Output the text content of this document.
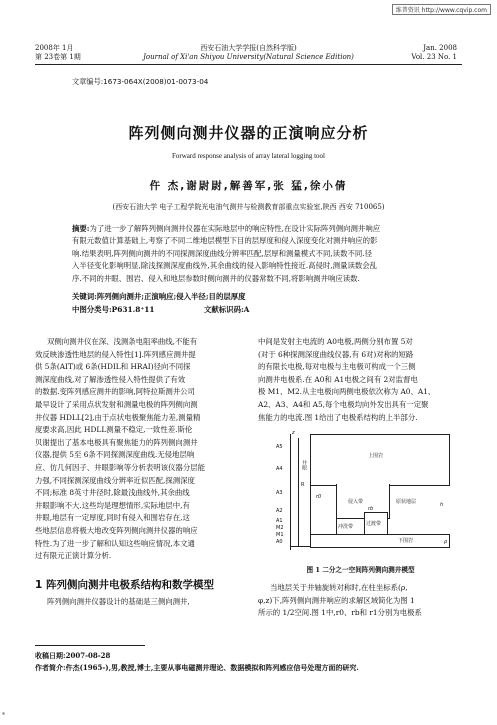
维普资讯 http://www.cqvip.com
2008年 1月
第 23卷第 1期
西安石油大学学报(自然科学版)
Journal of Xi'an Shiyou University(Natural Science Edition)
Jan. 2008
Vol. 23 No. 1
文章编号:1673-064X(2008)01-0073-04
阵列侧向测井仪器的正演响应分析
Forward response analysis of array lateral logging tool
仵 杰,谢尉尉,解善军,张 猛,徐小倩
(西安石油大学 电子工程学院光电油气测井与检测教育部重点实验室,陕西 西安 710065)
摘要:为了进一步了解阵列侧向测井仪器在实际地层中的响应特性,在设计实际阵列侧向测井响应
有限元数值计算基础上,考察了不同二维地层模型下目的层厚度和侵入深度变化对测井响应的影
响.结果表明,阵列侧向测井的不同探测深度曲线分辨率匹配,层厚和测量模式不同,读数不同.径
入半径变化影响明显,除浅探测深度曲线外,其余曲线的侵入影响特性接近.高侵时,测量读数会乱
序.不同的井眼、围岩、侵入和地层参数时侧向测井的仪器常数不同,将影响测井响应读数.
关键词:阵列侧向测井;正演响应;侵入半径;目的层厚度
中图分类号:P631.8⁺11	文献标识码:A
双侧向测井仪在深、浅测条电阻率曲线,不能有
效反映渗透性地层的侵入特性[1].阵列感应测井提
供 5条(AIT)或 6条(HDIL和 HRAI)径向不同探
测深度曲线,对了解渗透性侵入特性提供了有效
的数据.变阵列感应测井的影响,阿特拉斯测井公司
最早设计了采用点状发射和测量电极的阵列侧向测
井仪器 HDLL[2],由于点状电极聚焦能力差,测量精
度要求高,因此 HDLL测量不稳定,一致性差.斯伦
贝谢提出了基本电极具有聚焦能力的阵列侧向测井
仪器,提供 5至 6条不同探测深度曲线.无侵地层响
应、仿几何因子、井眼影响等分析表明该仪器分层能
力强,不同探测深度曲线分辨率近似匹配,探测深度
不同;标准 8英寸井径时,除最浅曲线外,其余曲线
井眼影响不大.这些均是理想情形,实际地层中,有
井眼,地层有一定厚度,同时有侵入和围岩存在,这
些地层信息将极大地改变阵列侧向测井仪器的响应
特性.为了进一步了解和认知这些响应情况,本文通
过有限元正演计算分析.
1 阵列侧向测井电极系结构和数学模型
阵列侧向测井仪器设计的基础是三侧向测井,
中间是发射主电流的 A0电极,两侧分别布置 5对
(对于 6种探测深度曲线仪器,有 6对)对称的短路
的有限长电极,每对电极与主电极可构成一个三侧
向测井电极系.在 A0和 A1电极之间有 2对监督电
极 M1、M2.从主电极向两侧电极依次称为 A0、A1、
A2、A3、A4和 A5,每个电极均向外发出具有一定聚
焦能力的电流.图 1给出了电极系结构的上半部分.
A5
A4
A3
A2
A1
M2
M1
A0
井眼
R
上围岩
侵入带	原状地层	h
r0
冲洗带	过渡带
rb
下围岩
z
ρ
图 1 二分之一空间阵列侧向测井模型
当地层关于井轴旋转对称时,在柱坐标系(ρ,
φ,z)下,阵列侧向测井响应的求解区域简化为图 1
所示的 1/2空间.图 1中,r0、rb和 r1分别为电极系
收稿日期:2007-08-28
作者简介:仵杰(1965-),男,教授,博士,主要从事电磁测井理论、数据模拟和阵列感应信号处理方面的研究.
*
